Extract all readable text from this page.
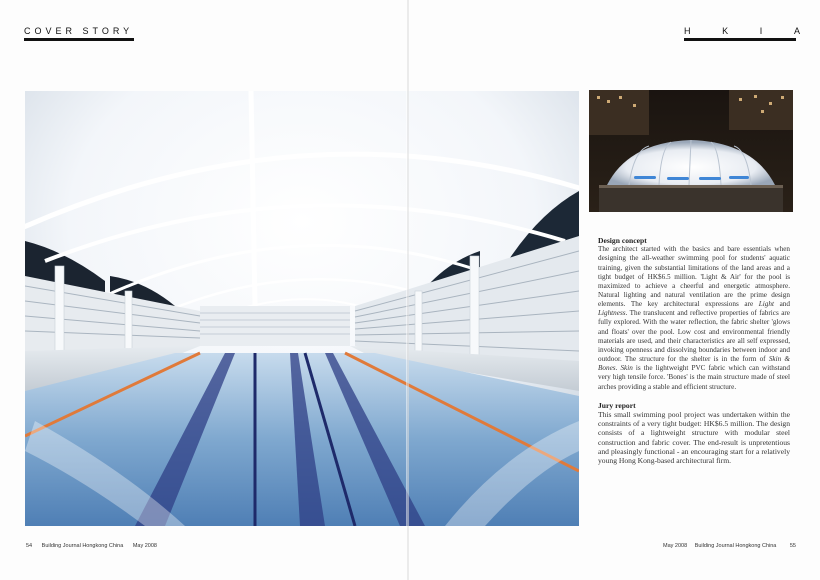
COVER STORY	H	K	I	A
Design concept

The architect started with the basics and bare essentials when designing the all-weather swimming pool for students' aquatic training, given the substantial limitations of the land areas and a tight budget of HK$6.5 million. 'Light & Air' for the pool is maximized to achieve a cheerful and energetic atmosphere. Natural lighting and natural ventilation are the prime design elements. The key architectural expressions are Light and Lightness. The translucent and reflective properties of fabrics are fully explored. With the water reflection, the fabric shelter 'glows and floats' over the pool. Low cost and environmental friendly materials are used, and their characteristics are all self expressed, invoking openness and dissolving boundaries between indoor and outdoor. The structure for the shelter is in the form of Skin & Bones. Skin is the lightweight PVC fabric which can withstand very high tensile force. 'Bones' is the main structure made of steel arches providing a stable and efficient structure.

Jury report

This small swimming pool project was undertaken within the constraints of a very tight budget: HK$6.5 million. The design consists of a lightweight structure with modular steel construction and fabric cover. The end-result is unpretentious and pleasingly functional - an encouraging start for a relatively young Hong Kong-based architectural firm.

54 Building Journal Hongkong China May 2008	May 2008 Building Journal Hongkong China 55
